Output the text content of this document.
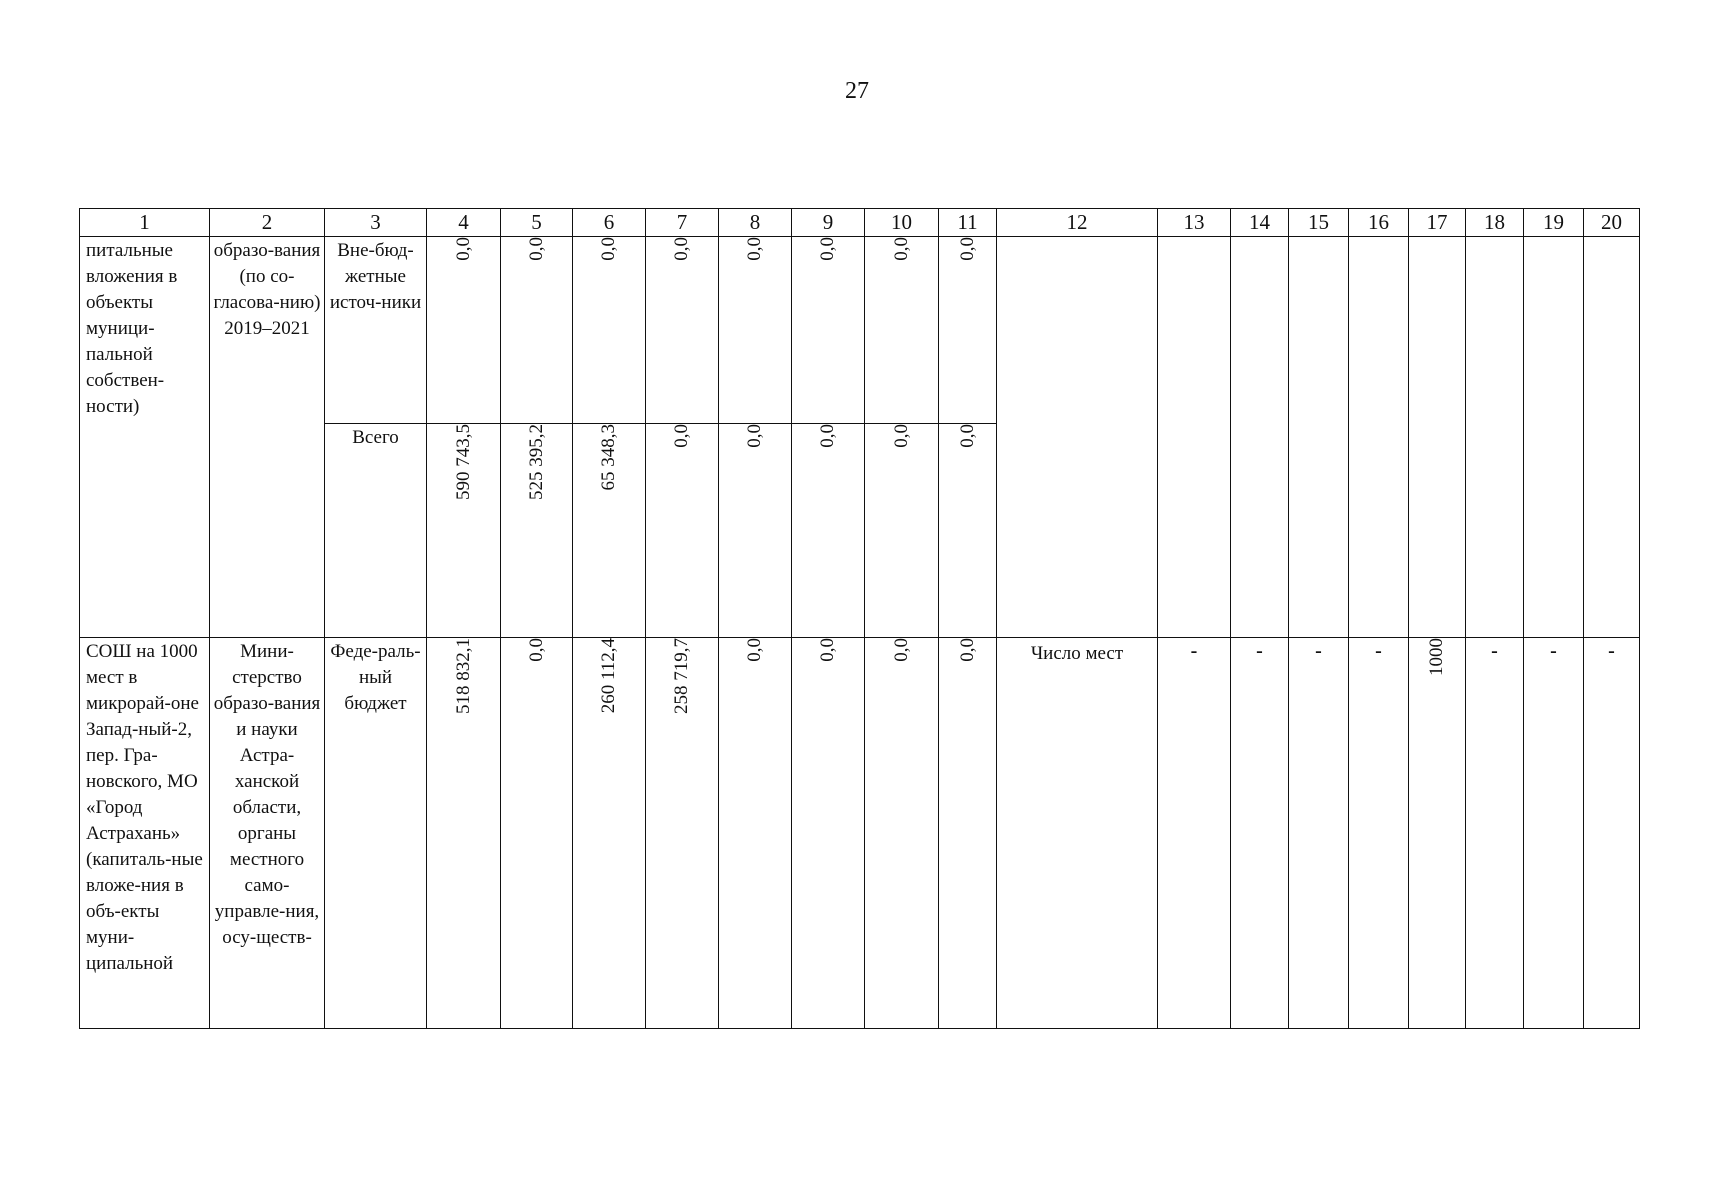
27
1	2	3	4	5	6	7	8	9	10	11	12	13	14	15	16	17	18	19	20

питальные вложения в объекты муници-пальной собствен-ности)	образо-вания (по со-гласова-нию) 2019–2021	Вне-бюд-жетные источ-ники	0,0	0,0	0,0	0,0	0,0	0,0	0,0	0,0									

		Всего	590 743,5	525 395,2	65 348,3	0,0	0,0	0,0	0,0	0,0									

СОШ на 1000 мест в микрорай-оне Запад-ный-2, пер. Гра-новского, МО «Город Астрахань» (капиталь-ные вложе-ния в объ-екты муни-ципальной	Мини-стерство образо-вания и науки Астра-ханской области, органы местного само-управле-ния, осу-ществ-	Феде-раль-ный бюджет	518 832,1	0,0	260 112,4	258 719,7	0,0	0,0	0,0	0,0	Число мест	-	-	-	-	1000	-	-	-
